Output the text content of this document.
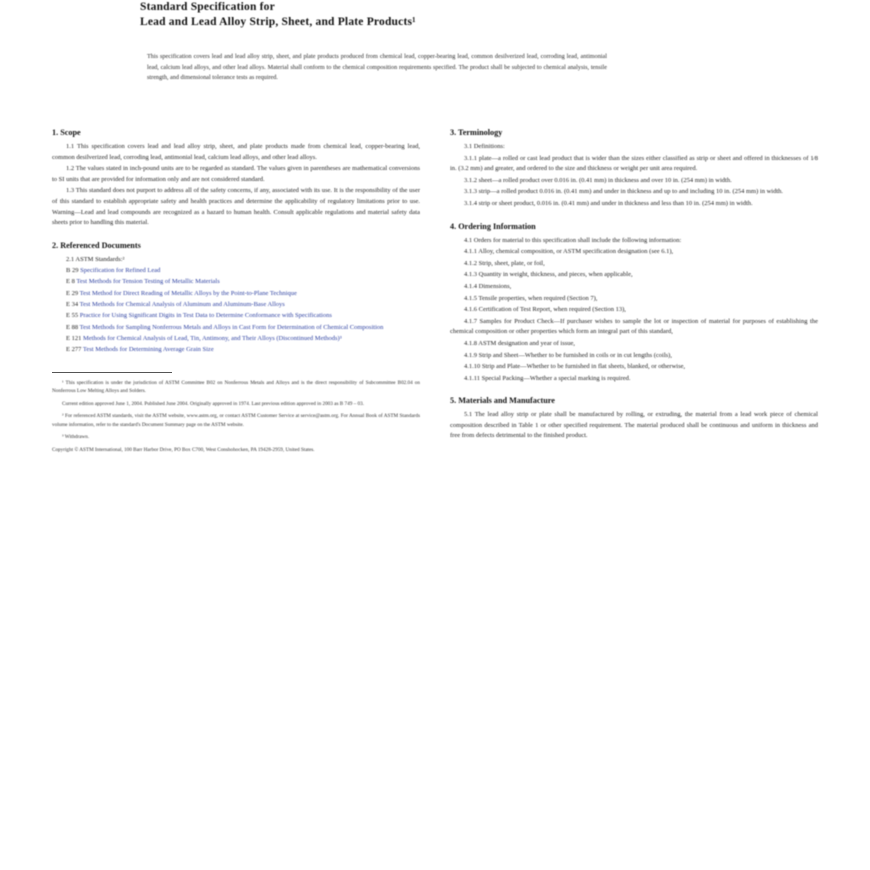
Standard Specification for
Lead and Lead Alloy Strip, Sheet, and Plate Products¹
This specification covers lead and lead alloy strip, sheet, and plate products produced from chemical lead, copper-bearing lead, common desilverized lead, corroding lead, antimonial lead, calcium lead alloys, and other lead alloys. Material shall conform to the chemical composition requirements specified. The product shall be subjected to chemical analysis, tensile strength, and dimensional tolerance tests as required.
1. Scope

1.1 This specification covers lead and lead alloy strip, sheet, and plate products made from chemical lead, copper-bearing lead, common desilverized lead, corroding lead, antimonial lead, calcium lead alloys, and other lead alloys.

1.2 The values stated in inch-pound units are to be regarded as standard. The values given in parentheses are mathematical conversions to SI units that are provided for information only and are not considered standard.

1.3 This standard does not purport to address all of the safety concerns, if any, associated with its use. It is the responsibility of the user of this standard to establish appropriate safety and health practices and determine the applicability of regulatory limitations prior to use. Warning—Lead and lead compounds are recognized as a hazard to human health. Consult applicable regulations and material safety data sheets prior to handling this material.

2. Referenced Documents

2.1 ASTM Standards:²

B 29 Specification for Refined Lead

E 8 Test Methods for Tension Testing of Metallic Materials

E 29 Test Method for Direct Reading of Metallic Alloys by the Point-to-Plane Technique

E 34 Test Methods for Chemical Analysis of Aluminum and Aluminum-Base Alloys

E 55 Practice for Using Significant Digits in Test Data to Determine Conformance with Specifications

E 88 Test Methods for Sampling Nonferrous Metals and Alloys in Cast Form for Determination of Chemical Composition

E 121 Methods for Chemical Analysis of Lead, Tin, Antimony, and Their Alloys (Discontinued Methods)³

E 277 Test Methods for Determining Average Grain Size

¹ This specification is under the jurisdiction of ASTM Committee B02 on Nonferrous Metals and Alloys and is the direct responsibility of Subcommittee B02.04 on Nonferrous Low Melting Alloys and Solders.

Current edition approved June 1, 2004. Published June 2004. Originally approved in 1974. Last previous edition approved in 2003 as B 749 – 03.

² For referenced ASTM standards, visit the ASTM website, www.astm.org, or contact ASTM Customer Service at service@astm.org. For Annual Book of ASTM Standards volume information, refer to the standard's Document Summary page on the ASTM website.

³ Withdrawn.

Copyright © ASTM International, 100 Barr Harbor Drive, PO Box C700, West Conshohocken, PA 19428-2959, United States.
3. Terminology

3.1 Definitions:

3.1.1 plate—a rolled or cast lead product that is wider than the sizes either classified as strip or sheet and offered in thicknesses of 1⁄8 in. (3.2 mm) and greater, and ordered to the size and thickness or weight per unit area required.

3.1.2 sheet—a rolled product over 0.016 in. (0.41 mm) in thickness and over 10 in. (254 mm) in width.

3.1.3 strip—a rolled product 0.016 in. (0.41 mm) and under in thickness and up to and including 10 in. (254 mm) in width.

3.1.4 strip or sheet product, 0.016 in. (0.41 mm) and under in thickness and less than 10 in. (254 mm) in width.

4. Ordering Information

4.1 Orders for material to this specification shall include the following information:

4.1.1 Alloy, chemical composition, or ASTM specification designation (see 6.1),

4.1.2 Strip, sheet, plate, or foil,

4.1.3 Quantity in weight, thickness, and pieces, when applicable,

4.1.4 Dimensions,

4.1.5 Tensile properties, when required (Section 7),

4.1.6 Certification of Test Report, when required (Section 13),

4.1.7 Samples for Product Check—If purchaser wishes to sample the lot or inspection of material for purposes of establishing the chemical composition or other properties which form an integral part of this standard,

4.1.8 ASTM designation and year of issue,

4.1.9 Strip and Sheet—Whether to be furnished in coils or in cut lengths (coils),

4.1.10 Strip and Plate—Whether to be furnished in flat sheets, blanked, or otherwise,

4.1.11 Special Packing—Whether a special marking is required.

5. Materials and Manufacture

5.1 The lead alloy strip or plate shall be manufactured by rolling, or extruding, the material from a lead work piece of chemical composition described in Table 1 or other specified requirement. The material produced shall be continuous and uniform in thickness and free from defects detrimental to the finished product.
